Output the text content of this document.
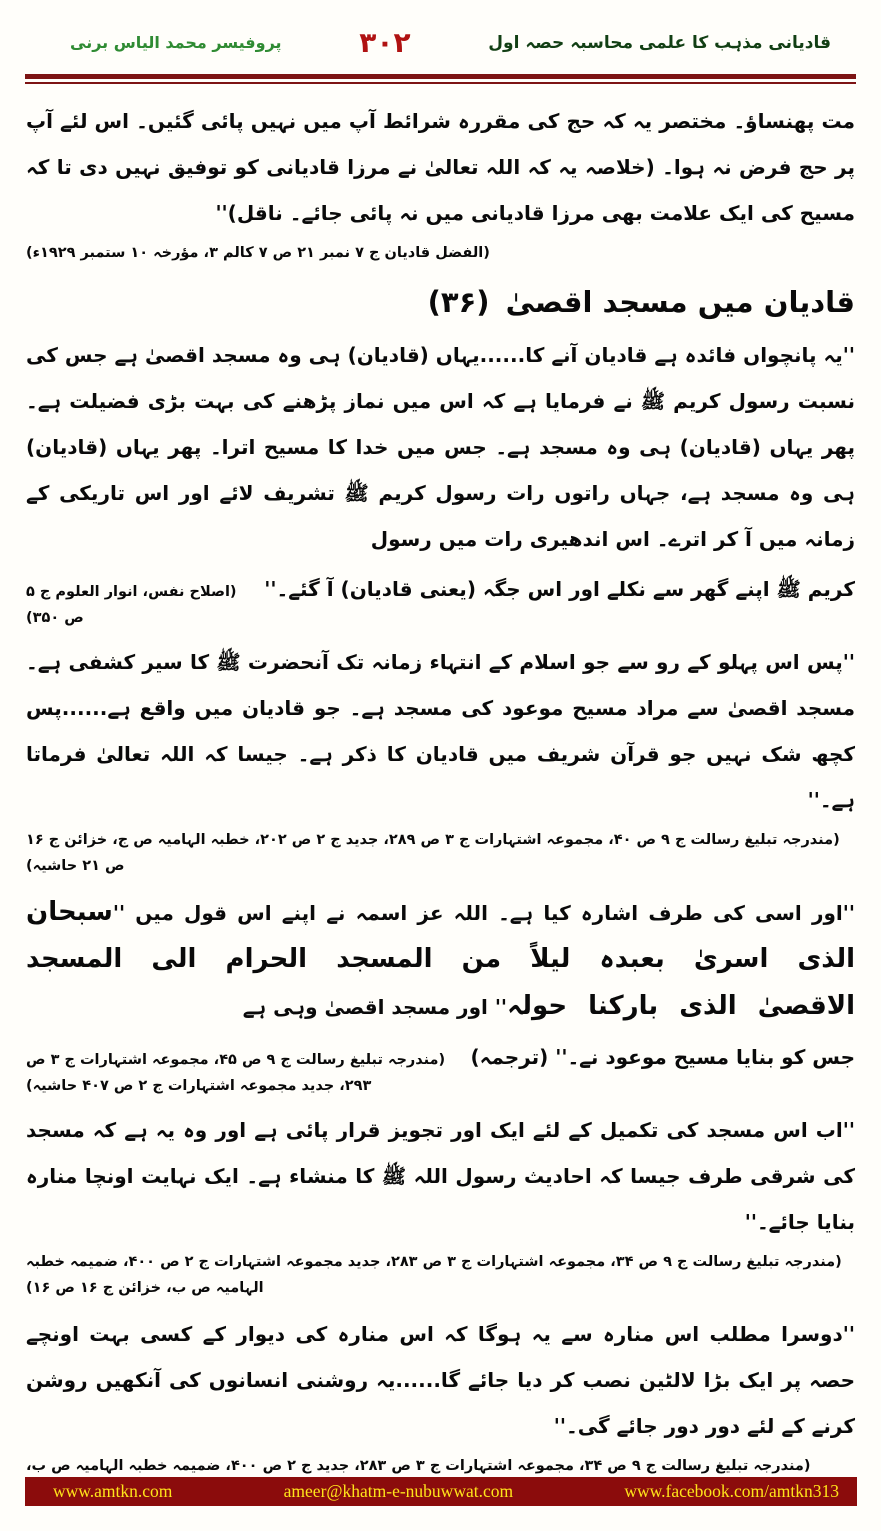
پروفیسر محمد الیاس برنی	۳۰۲	قادیانی مذہب کا علمی محاسبہ حصہ اول

مت پھنساؤ۔ مختصر یہ کہ حج کی مقررہ شرائط آپ میں نہیں پائی گئیں۔ اس لئے آپ پر حج فرض نہ ہوا۔ (خلاصہ یہ کہ اللہ تعالیٰ نے مرزا قادیانی کو توفیق نہیں دی تا کہ مسیح کی ایک علامت بھی مرزا قادیانی میں نہ پائی جائے۔ ناقل)''

(الفضل قادیان ج ۷ نمبر ۲۱ ص ۷ کالم ۳، مؤرخہ ۱۰ ستمبر ۱۹۲۹ء)

قادیان میں مسجد اقصیٰ
(۳۶)

''یہ پانچواں فائدہ ہے قادیان آنے کا......یہاں (قادیان) ہی وہ مسجد اقصیٰ ہے جس کی نسبت رسول کریم ﷺ نے فرمایا ہے کہ اس میں نماز پڑھنے کی بہت بڑی فضیلت ہے۔ پھر یہاں (قادیان) ہی وہ مسجد ہے۔ جس میں خدا کا مسیح اترا۔ پھر یہاں (قادیان) ہی وہ مسجد ہے، جہاں راتوں رات رسول کریم ﷺ تشریف لائے اور اس تاریکی کے زمانہ میں آ کر اترے۔ اس اندھیری رات میں رسول

کریم ﷺ اپنے گھر سے نکلے اور اس جگہ (یعنی قادیان) آ گئے۔''
(اصلاح نفس، انوار العلوم ج ۵ ص ۳۵۰)

''پس اس پہلو کے رو سے جو اسلام کے انتہاء زمانہ تک آنحضرت ﷺ کا سیر کشفی ہے۔ مسجد اقصیٰ سے مراد مسیح موعود کی مسجد ہے۔ جو قادیان میں واقع ہے......پس کچھ شک نہیں جو قرآن شریف میں قادیان کا ذکر ہے۔ جیسا کہ اللہ تعالیٰ فرماتا ہے۔''

(مندرجہ تبلیغ رسالت ج ۹ ص ۴۰، مجموعہ اشتہارات ج ۳ ص ۲۸۹، جدید ج ۲ ص ۲۰۲، خطبہ الہامیہ ص ج، خزائن ج ۱۶ ص ۲۱ حاشیہ)

''اور اسی کی طرف اشارہ کیا ہے۔ اللہ عز اسمہ نے اپنے اس قول میں ''سبحان الذی اسریٰ بعبدہ لیلاً من المسجد الحرام الی المسجد الاقصیٰ الذی بارکنا حولہ'' اور مسجد اقصیٰ وہی ہے

جس کو بنایا مسیح موعود نے۔'' (ترجمہ)
(مندرجہ تبلیغ رسالت ج ۹ ص ۴۵، مجموعہ اشتہارات ج ۳ ص ۲۹۳، جدید مجموعہ اشتہارات ج ۲ ص ۴۰۷ حاشیہ)

''اب اس مسجد کی تکمیل کے لئے ایک اور تجویز قرار پائی ہے اور وہ یہ ہے کہ مسجد کی شرقی طرف جیسا کہ احادیث رسول اللہ ﷺ کا منشاء ہے۔ ایک نہایت اونچا منارہ بنایا جائے۔''

(مندرجہ تبلیغ رسالت ج ۹ ص ۳۴، مجموعہ اشتہارات ج ۳ ص ۲۸۳، جدید مجموعہ اشتہارات ج ۲ ص ۴۰۰، ضمیمہ خطبہ الہامیہ ص ب، خزائن ج ۱۶ ص ۱۶)

''دوسرا مطلب اس منارہ سے یہ ہوگا کہ اس منارہ کی دیوار کے کسی بہت اونچے حصہ پر ایک بڑا لالٹین نصب کر دیا جائے گا......یہ روشنی انسانوں کی آنکھیں روشن کرنے کے لئے دور دور جائے گی۔''

(مندرجہ تبلیغ رسالت ج ۹ ص ۳۴، مجموعہ اشتہارات ج ۳ ص ۲۸۳، جدید ج ۲ ص ۴۰۰، ضمیمہ خطبہ الہامیہ ص ب،

www.amtkn.com	ameer@khatm-e-nubuwwat.com	www.facebook.com/amtkn313
